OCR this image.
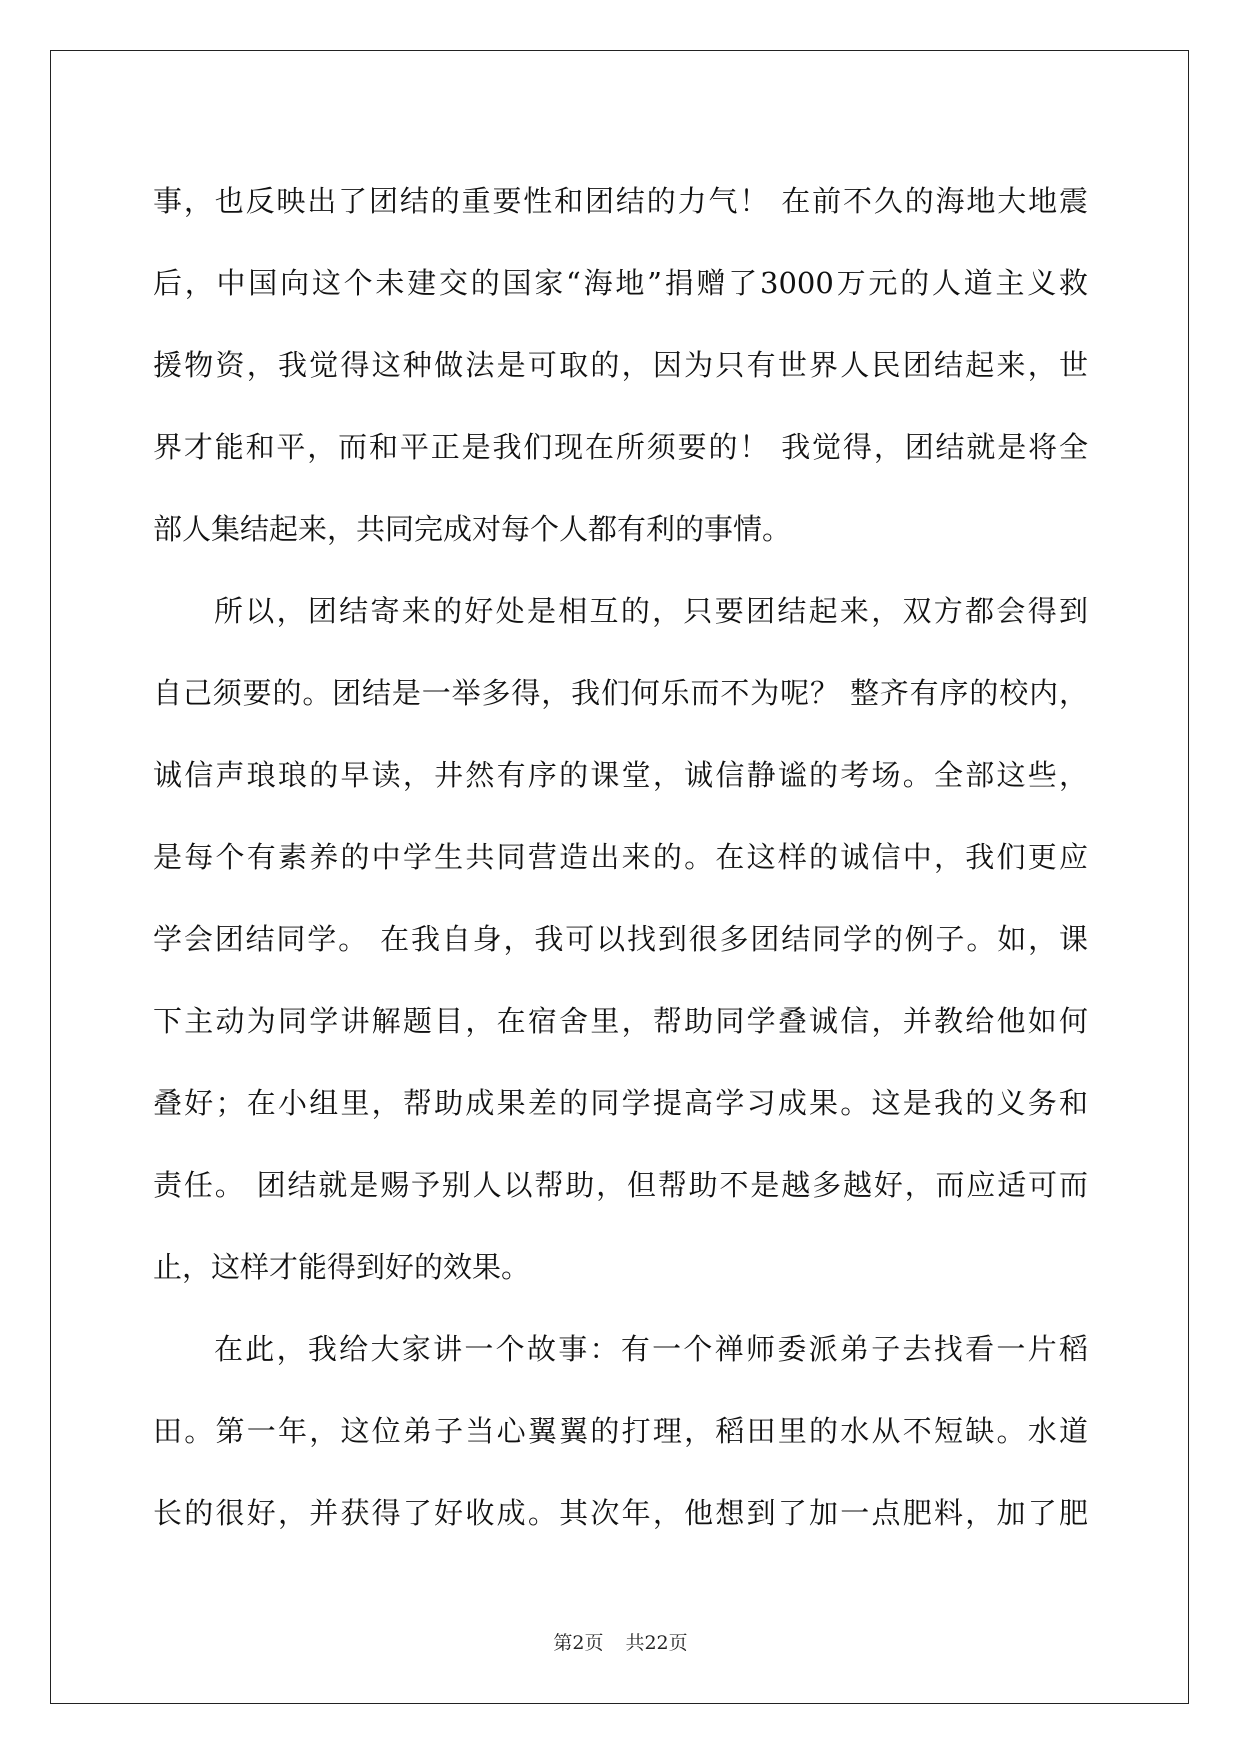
事，也反映出了团结的重要性和团结的力气！ 在前不久的海地大地震
后，中国向这个未建交的国家“海地”捐赠了3000万元的人道主义救
援物资，我觉得这种做法是可取的，因为只有世界人民团结起来，世
界才能和平，而和平正是我们现在所须要的！ 我觉得，团结就是将全
部人集结起来，共同完成对每个人都有利的事情。
所以，团结寄来的好处是相互的，只要团结起来，双方都会得到
自己须要的。团结是一举多得，我们何乐而不为呢？ 整齐有序的校内，
诚信声琅琅的早读，井然有序的课堂，诚信静谧的考场。全部这些，
是每个有素养的中学生共同营造出来的。在这样的诚信中，我们更应
学会团结同学。 在我自身，我可以找到很多团结同学的例子。如，课
下主动为同学讲解题目，在宿舍里，帮助同学叠诚信，并教给他如何
叠好；在小组里，帮助成果差的同学提高学习成果。这是我的义务和
责任。 团结就是赐予别人以帮助，但帮助不是越多越好，而应适可而
止，这样才能得到好的效果。
在此，我给大家讲一个故事：有一个禅师委派弟子去找看一片稻
田。第一年，这位弟子当心翼翼的打理，稻田里的水从不短缺。水道
长的很好，并获得了好收成。其次年，他想到了加一点肥料，加了肥
第2页 共22页
